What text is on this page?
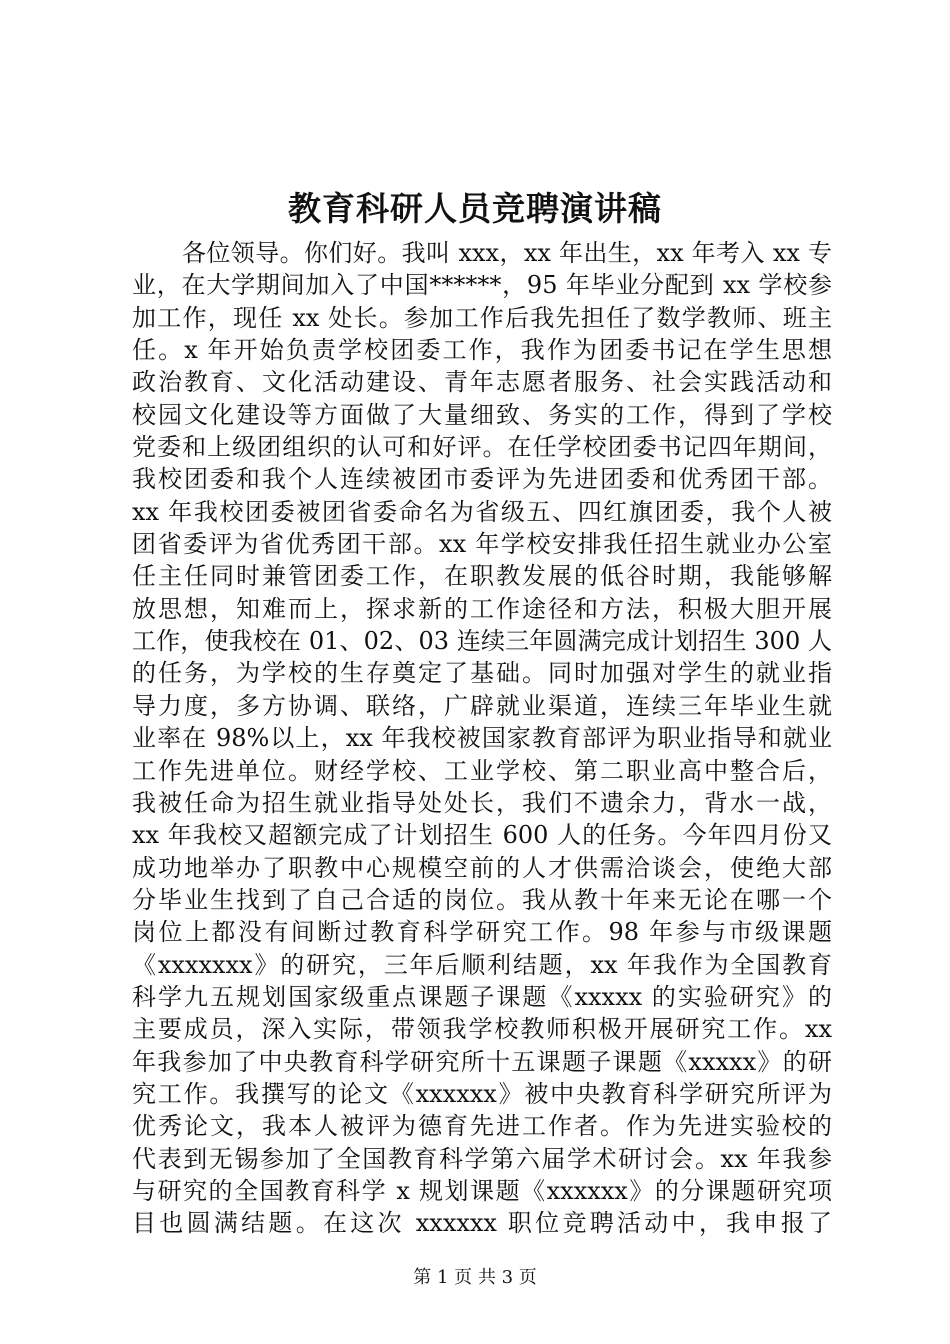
教育科研人员竞聘演讲稿
各位领导。你们好。我叫 xxx，xx 年出生，xx 年考入 xx 专
业，在大学期间加入了中国******，95 年毕业分配到 xx 学校参
加工作，现任 xx 处长。参加工作后我先担任了数学教师、班主
任。x 年开始负责学校团委工作，我作为团委书记在学生思想
政治教育、文化活动建设、青年志愿者服务、社会实践活动和
校园文化建设等方面做了大量细致、务实的工作，得到了学校
党委和上级团组织的认可和好评。在任学校团委书记四年期间，
我校团委和我个人连续被团市委评为先进团委和优秀团干部。
xx 年我校团委被团省委命名为省级五、四红旗团委，我个人被
团省委评为省优秀团干部。xx 年学校安排我任招生就业办公室
任主任同时兼管团委工作，在职教发展的低谷时期，我能够解
放思想，知难而上，探求新的工作途径和方法，积极大胆开展
工作，使我校在 01、02、03 连续三年圆满完成计划招生 300 人
的任务，为学校的生存奠定了基础。同时加强对学生的就业指
导力度，多方协调、联络，广辟就业渠道，连续三年毕业生就
业率在 98%以上，xx 年我校被国家教育部评为职业指导和就业
工作先进单位。财经学校、工业学校、第二职业高中整合后，
我被任命为招生就业指导处处长，我们不遗余力，背水一战，
xx 年我校又超额完成了计划招生 600 人的任务。今年四月份又
成功地举办了职教中心规模空前的人才供需洽谈会，使绝大部
分毕业生找到了自己合适的岗位。我从教十年来无论在哪一个
岗位上都没有间断过教育科学研究工作。98 年参与市级课题
《xxxxxxx》的研究，三年后顺利结题，xx 年我作为全国教育
科学九五规划国家级重点课题子课题《xxxxx 的实验研究》的
主要成员，深入实际，带领我学校教师积极开展研究工作。xx
年我参加了中央教育科学研究所十五课题子课题《xxxxx》的研
究工作。我撰写的论文《xxxxxx》被中央教育科学研究所评为
优秀论文，我本人被评为德育先进工作者。作为先进实验校的
代表到无锡参加了全国教育科学第六届学术研讨会。xx 年我参
与研究的全国教育科学 x 规划课题《xxxxxx》的分课题研究项
目也圆满结题。在这次 xxxxxx 职位竞聘活动中，我申报了
第 1 页 共 3 页
